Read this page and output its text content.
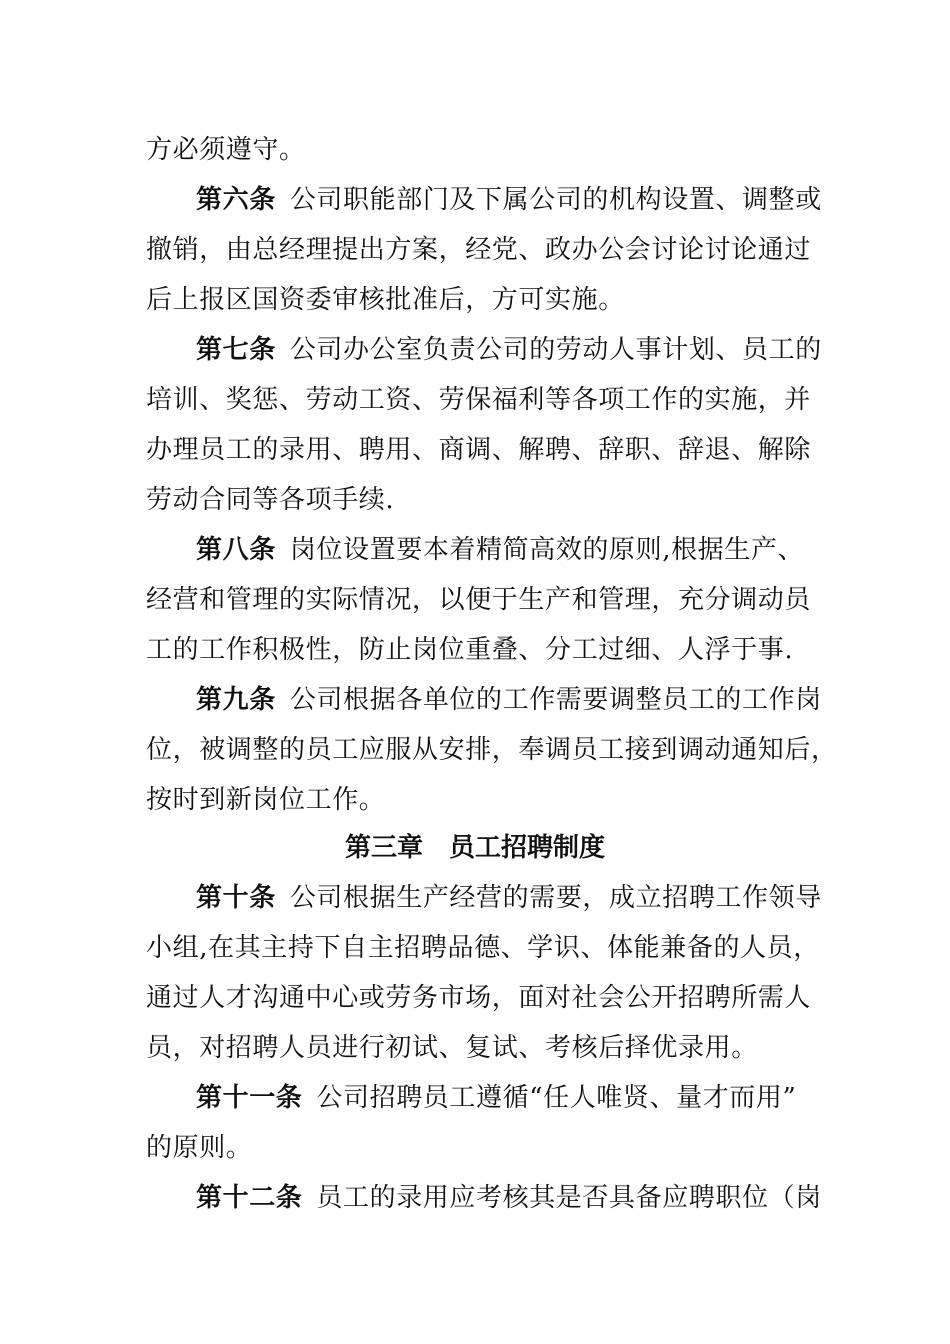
方必须遵守。
第六条 公司职能部门及下属公司的机构设置、调整或
撤销，由总经理提出方案，经党、政办公会讨论讨论通过
后上报区国资委审核批准后，方可实施。
第七条 公司办公室负责公司的劳动人事计划、员工的
培训、奖惩、劳动工资、劳保福利等各项工作的实施，并
办理员工的录用、聘用、商调、解聘、辞职、辞退、解除
劳动合同等各项手续.
第八条 岗位设置要本着精简高效的原则,根据生产、
经营和管理的实际情况，以便于生产和管理，充分调动员
工的工作积极性，防止岗位重叠、分工过细、人浮于事.
第九条 公司根据各单位的工作需要调整员工的工作岗
位，被调整的员工应服从安排，奉调员工接到调动通知后，
按时到新岗位工作。
第三章　员工招聘制度
第十条 公司根据生产经营的需要，成立招聘工作领导
小组,在其主持下自主招聘品德、学识、体能兼备的人员，
通过人才沟通中心或劳务市场，面对社会公开招聘所需人
员，对招聘人员进行初试、复试、考核后择优录用。
第十一条 公司招聘员工遵循“任人唯贤、量才而用”
的原则。
第十二条 员工的录用应考核其是否具备应聘职位（岗
